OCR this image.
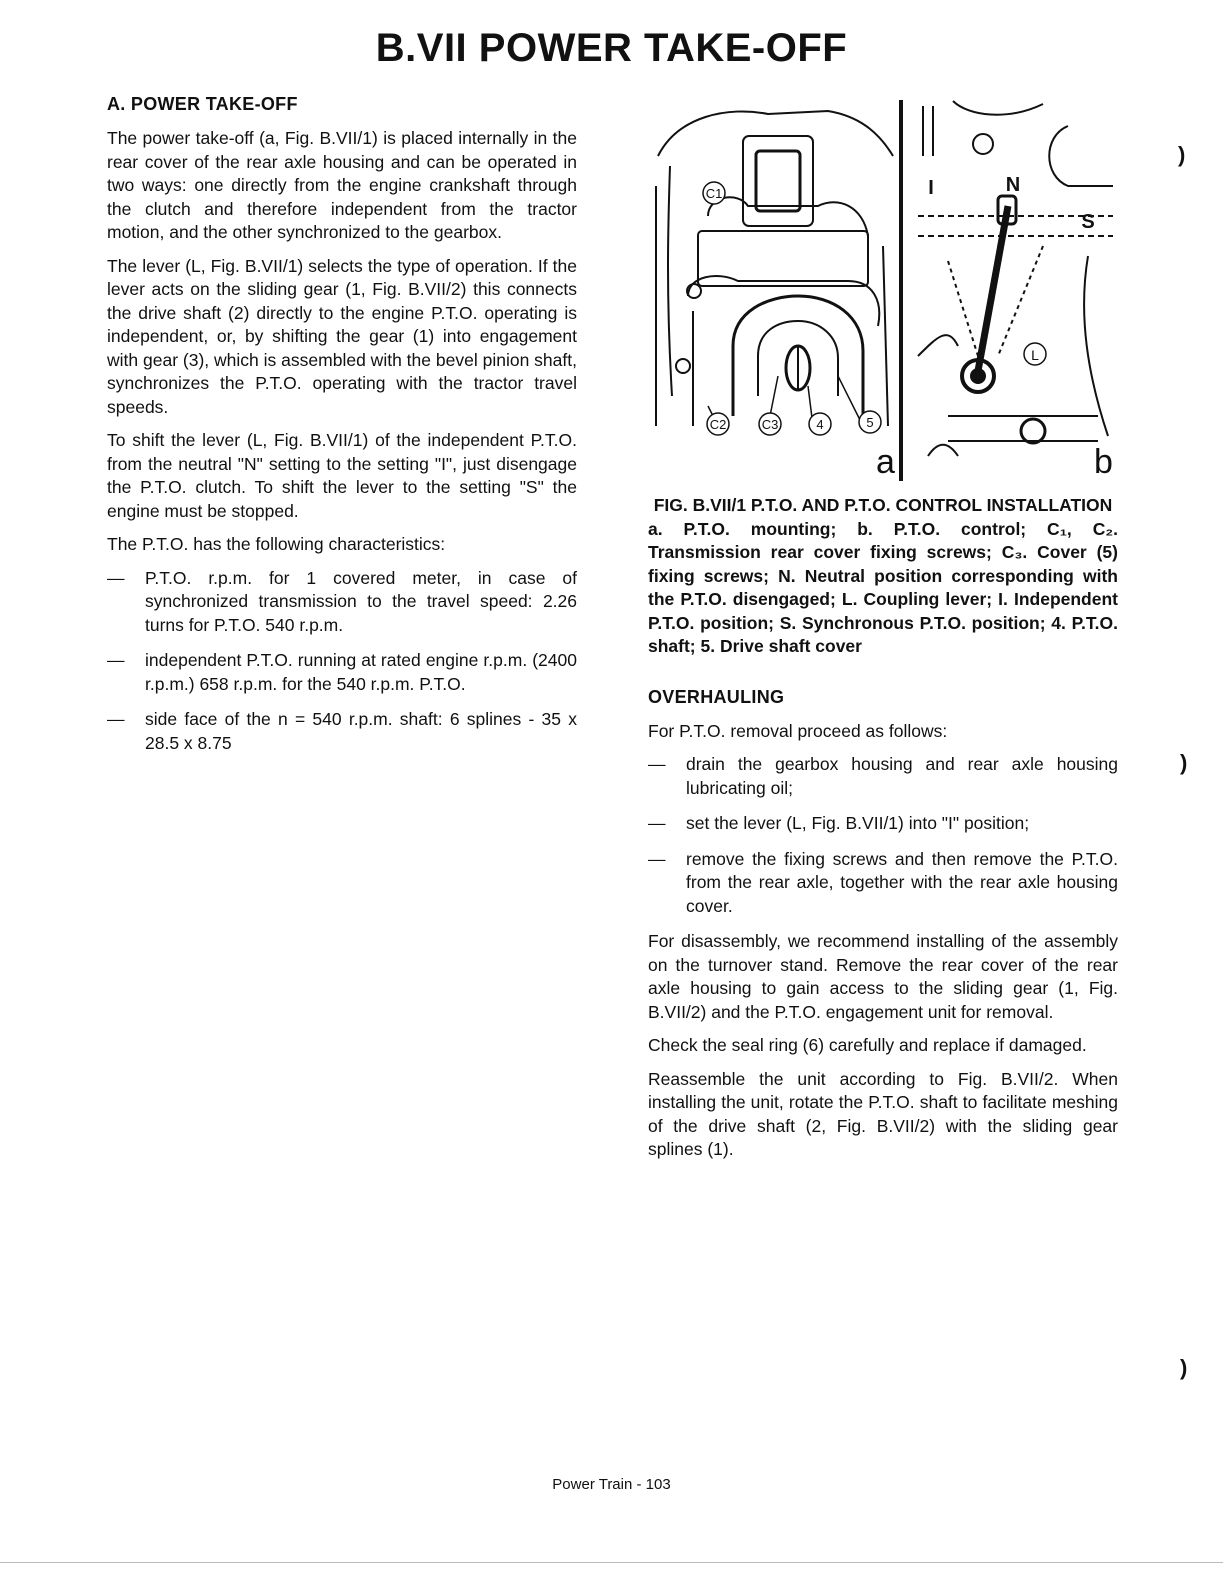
B.VII POWER TAKE-OFF
A. POWER TAKE-OFF

The power take-off (a, Fig. B.VII/1) is placed internally in the rear cover of the rear axle housing and can be operated in two ways: one directly from the engine crankshaft through the clutch and therefore independent from the tractor motion, and the other synchronized to the gearbox.

The lever (L, Fig. B.VII/1) selects the type of operation. If the lever acts on the sliding gear (1, Fig. B.VII/2) this connects the drive shaft (2) directly to the engine P.T.O. operating is independent, or, by shifting the gear (1) into engagement with gear (3), which is assembled with the bevel pinion shaft, synchronizes the P.T.O. operating with the tractor travel speeds.

To shift the lever (L, Fig. B.VII/1) of the independent P.T.O. from the neutral "N" setting to the setting "I", just disengage the P.T.O. clutch. To shift the lever to the setting "S" the engine must be stopped.

The P.T.O. has the following characteristics:

— P.T.O. r.p.m. for 1 covered meter, in case of synchronized transmission to the travel speed: 2.26 turns for P.T.O. 540 r.p.m.
— independent P.T.O. running at rated engine r.p.m. (2400 r.p.m.) 658 r.p.m. for the 540 r.p.m. P.T.O.
— side face of the n = 540 r.p.m. shaft: 6 splines - 35 x 28.5 x 8.75
C2	C3	4	5
C1
a
I	N
S
L
b
FIG. B.VII/1 P.T.O. AND P.T.O. CONTROL INSTALLATION
a. P.T.O. mounting; b. P.T.O. control; C₁, C₂. Transmission rear cover fixing screws; C₃. Cover (5) fixing screws; N. Neutral position corresponding with the P.T.O. disengaged; L. Coupling lever; I. Independent P.T.O. position; S. Synchronous P.T.O. position; 4. P.T.O. shaft; 5. Drive shaft cover
OVERHAULING

For P.T.O. removal proceed as follows:

— drain the gearbox housing and rear axle housing lubricating oil;
— set the lever (L, Fig. B.VII/1) into "I" position;
— remove the fixing screws and then remove the P.T.O. from the rear axle, together with the rear axle housing cover.

For disassembly, we recommend installing of the assembly on the turnover stand. Remove the rear cover of the rear axle housing to gain access to the sliding gear (1, Fig. B.VII/2) and the P.T.O. engagement unit for removal.

Check the seal ring (6) carefully and replace if damaged.

Reassemble the unit according to Fig. B.VII/2. When installing the unit, rotate the P.T.O. shaft to facilitate meshing of the drive shaft (2, Fig. B.VII/2) with the sliding gear splines (1).

)
)
)
Power Train - 103
